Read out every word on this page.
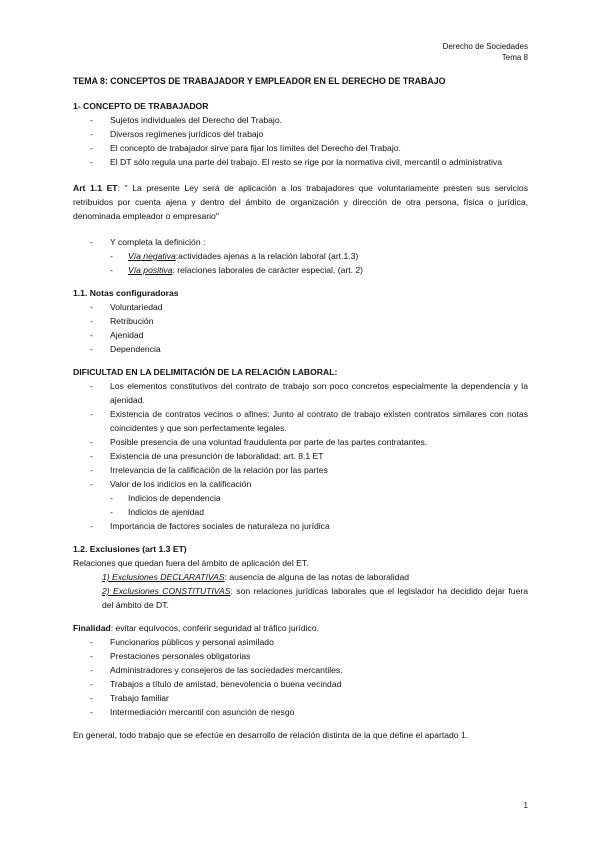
Derecho de Sociedades
Tema 8
TEMA 8: CONCEPTOS DE TRABAJADOR Y EMPLEADOR EN EL DERECHO DE TRABAJO

1- CONCEPTO DE TRABAJADOR

-	Sujetos individuales del Derecho del Trabajo.
-	Diversos regímenes jurídicos del trabajo
-	El concepto de trabajador sirve para fijar los límites del Derecho del Trabajo.
-	El DT sólo regula una parte del trabajo. El resto se rige por la normativa civil, mercantil o administrativa
Art 1.1 ET: " La presente Ley será de aplicación a los trabajadores que voluntariamente presten sus servicios retribuidos por cuenta ajena y dentro del ámbito de organización y dirección de otra persona, física o jurídica, denominada empleador o empresario"
-	Y completa la definición :
-	Vía negativa:actividades ajenas a la relación laboral (art.1.3)
-	Vía positiva: relaciones laborales de carácter especial. (art. 2)

1.1. Notas configuradoras

-	Voluntariedad
-	Retribución
-	Ajenidad
-	Dependencia

DIFICULTAD EN LA DELIMITACIÓN DE LA RELACIÓN LABORAL:

-	Los elementos constitutivos del contrato de trabajo son poco concretos especialmente la dependencia y la ajenidad.
-	Existencia de contratos vecinos o afines: Junto al contrato de trabajo existen contratos similares con notas coincidentes y que son perfectamente legales.
-	Posible presencia de una voluntad fraudulenta por parte de las partes contratantes.
-	Existencia de una presunción de laboralidad: art. 8.1 ET
-	Irrelevancia de la calificación de la relación por las partes
-	Valor de los indicios en la calificación
-	Indicios de dependencia
-	Indicios de ajenidad
-	Importancia de factores sociales de naturaleza no jurídica

1.2. Exclusiones (art 1.3 ET)

Relaciones que quedan fuera del ámbito de aplicación del ET.
1) Exclusiones DECLARATIVAS: ausencia de alguna de las notas de laboralidad
2) Exclusiones CONSTITUTIVAS: son relaciones jurídicas laborales que el legislador ha decidido dejar fuera del ámbito de DT.
Finalidad: evitar equívocos, conferir seguridad al tráfico jurídico.
-	Funcionarios públicos y personal asimilado
-	Prestaciones personales obligatorias
-	Administradores y consejeros de las sociedades mercantiles.
-	Trabajos a título de amistad, benevolencia o buena vecindad
-	Trabajo familiar
-	Intermediación mercantil con asunción de riesgo
En general, todo trabajo que se efectúe en desarrollo de relación distinta de la que define el apartado 1.
1
